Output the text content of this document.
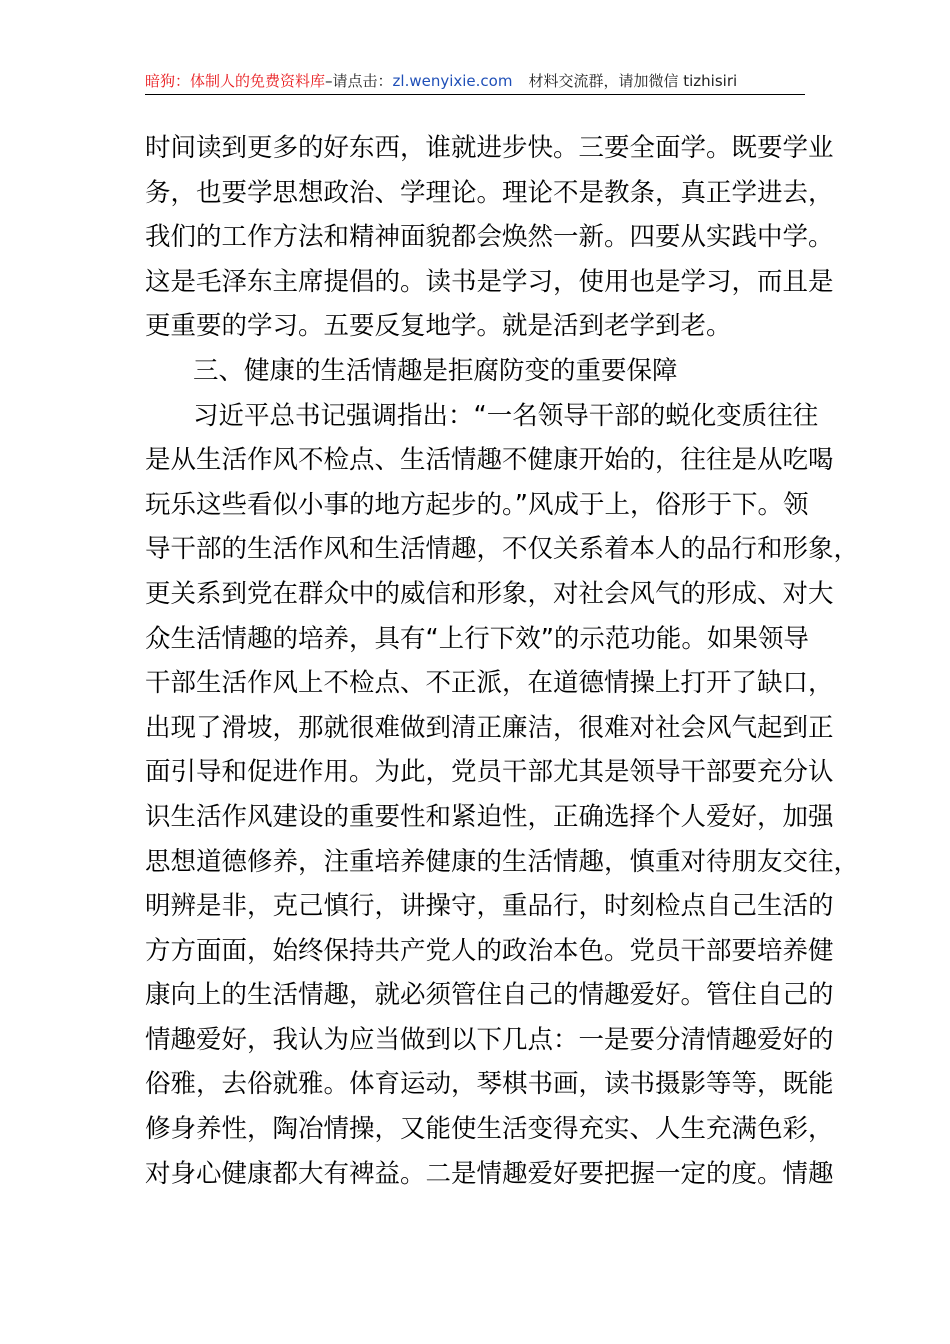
暗狗：体制人的免费资料库–请点击：zl.wenyixie.com 材料交流群，请加微信 tizhisiri
时间读到更多的好东西，谁就进步快。三要全面学。既要学业
务，也要学思想政治、学理论。理论不是教条，真正学进去，
我们的工作方法和精神面貌都会焕然一新。四要从实践中学。
这是毛泽东主席提倡的。读书是学习，使用也是学习，而且是
更重要的学习。五要反复地学。就是活到老学到老。
三、健康的生活情趣是拒腐防变的重要保障
习近平总书记强调指出：“一名领导干部的蜕化变质往往
是从生活作风不检点、生活情趣不健康开始的，往往是从吃喝
玩乐这些看似小事的地方起步的。”风成于上，俗形于下。领
导干部的生活作风和生活情趣，不仅关系着本人的品行和形象，
更关系到党在群众中的威信和形象，对社会风气的形成、对大
众生活情趣的培养，具有“上行下效”的示范功能。如果领导
干部生活作风上不检点、不正派，在道德情操上打开了缺口，
出现了滑坡，那就很难做到清正廉洁，很难对社会风气起到正
面引导和促进作用。为此，党员干部尤其是领导干部要充分认
识生活作风建设的重要性和紧迫性，正确选择个人爱好，加强
思想道德修养，注重培养健康的生活情趣，慎重对待朋友交往，
明辨是非，克己慎行，讲操守，重品行，时刻检点自己生活的
方方面面，始终保持共产党人的政治本色。党员干部要培养健
康向上的生活情趣，就必须管住自己的情趣爱好。管住自己的
情趣爱好，我认为应当做到以下几点：一是要分清情趣爱好的
俗雅，去俗就雅。体育运动，琴棋书画，读书摄影等等，既能
修身养性，陶冶情操，又能使生活变得充实、人生充满色彩，
对身心健康都大有裨益。二是情趣爱好要把握一定的度。情趣
